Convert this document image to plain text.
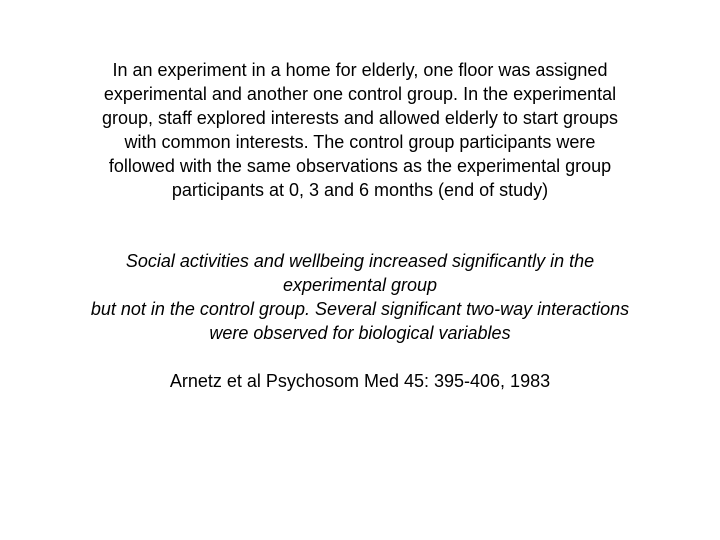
In an experiment in a home for elderly, one floor was assigned
experimental and another one control group. In the experimental
group, staff explored interests and allowed elderly to start groups
with common interests. The control group participants were
followed with the same observations as the experimental group
participants at 0, 3 and 6 months (end of study)
Social activities and wellbeing increased significantly in the
experimental group
but not in the control group. Several significant two-way interactions
were observed for biological variables
Arnetz et al Psychosom Med 45: 395-406, 1983
